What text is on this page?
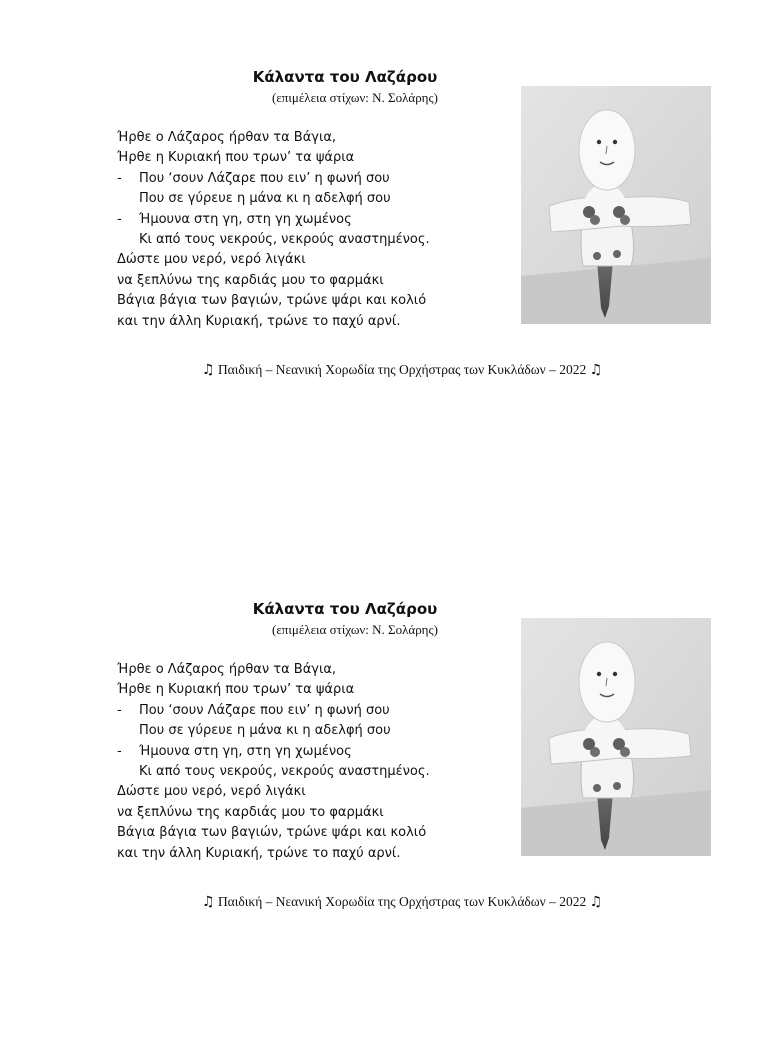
Κάλαντα του Λαζάρου
(επιμέλεια στίχων: Ν. Σολάρης)
Ήρθε ο Λάζαρος ήρθαν τα Βάγια,
Ήρθε η Κυριακή που τρων’ τα ψάρια
- Που ‘σουν Λάζαρε που ειν’ η φωνή σου
Που σε γύρευε η μάνα κι η αδελφή σου
- Ήμουνα στη γη, στη γη χωμένος
Κι από τους νεκρούς, νεκρούς αναστημένος.
Δώστε μου νερό, νερό λιγάκι
να ξεπλύνω της καρδιάς μου το φαρμάκι
Βάγια βάγια των βαγιών, τρώνε ψάρι και κολιό
και την άλλη Κυριακή, τρώνε το παχύ αρνί.
♫ Παιδική – Νεανική Χορωδία της Ορχήστρας των Κυκλάδων – 2022 ♫
Κάλαντα του Λαζάρου
(επιμέλεια στίχων: Ν. Σολάρης)
Ήρθε ο Λάζαρος ήρθαν τα Βάγια,
Ήρθε η Κυριακή που τρων’ τα ψάρια
- Που ‘σουν Λάζαρε που ειν’ η φωνή σου
Που σε γύρευε η μάνα κι η αδελφή σου
- Ήμουνα στη γη, στη γη χωμένος
Κι από τους νεκρούς, νεκρούς αναστημένος.
Δώστε μου νερό, νερό λιγάκι
να ξεπλύνω της καρδιάς μου το φαρμάκι
Βάγια βάγια των βαγιών, τρώνε ψάρι και κολιό
και την άλλη Κυριακή, τρώνε το παχύ αρνί.
♫ Παιδική – Νεανική Χορωδία της Ορχήστρας των Κυκλάδων – 2022 ♫
